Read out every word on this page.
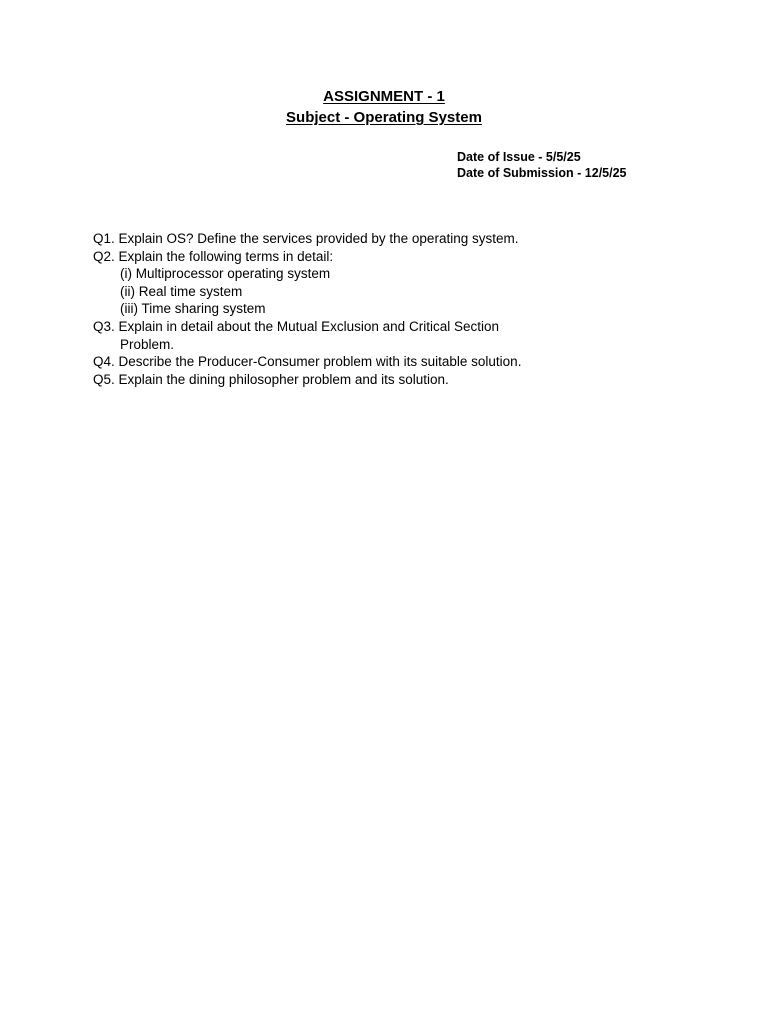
ASSIGNMENT - 1
Subject - Operating System
Date of Issue - 5/5/25
Date of Submission - 12/5/25
Q1. Explain OS? Define the services provided by the operating system.
Q2. Explain the following terms in detail:
(i) Multiprocessor operating system
(ii) Real time system
(iii) Time sharing system
Q3. Explain in detail about the Mutual Exclusion and Critical Section
Problem.
Q4. Describe the Producer-Consumer problem with its suitable solution.
Q5. Explain the dining philosopher problem and its solution.
